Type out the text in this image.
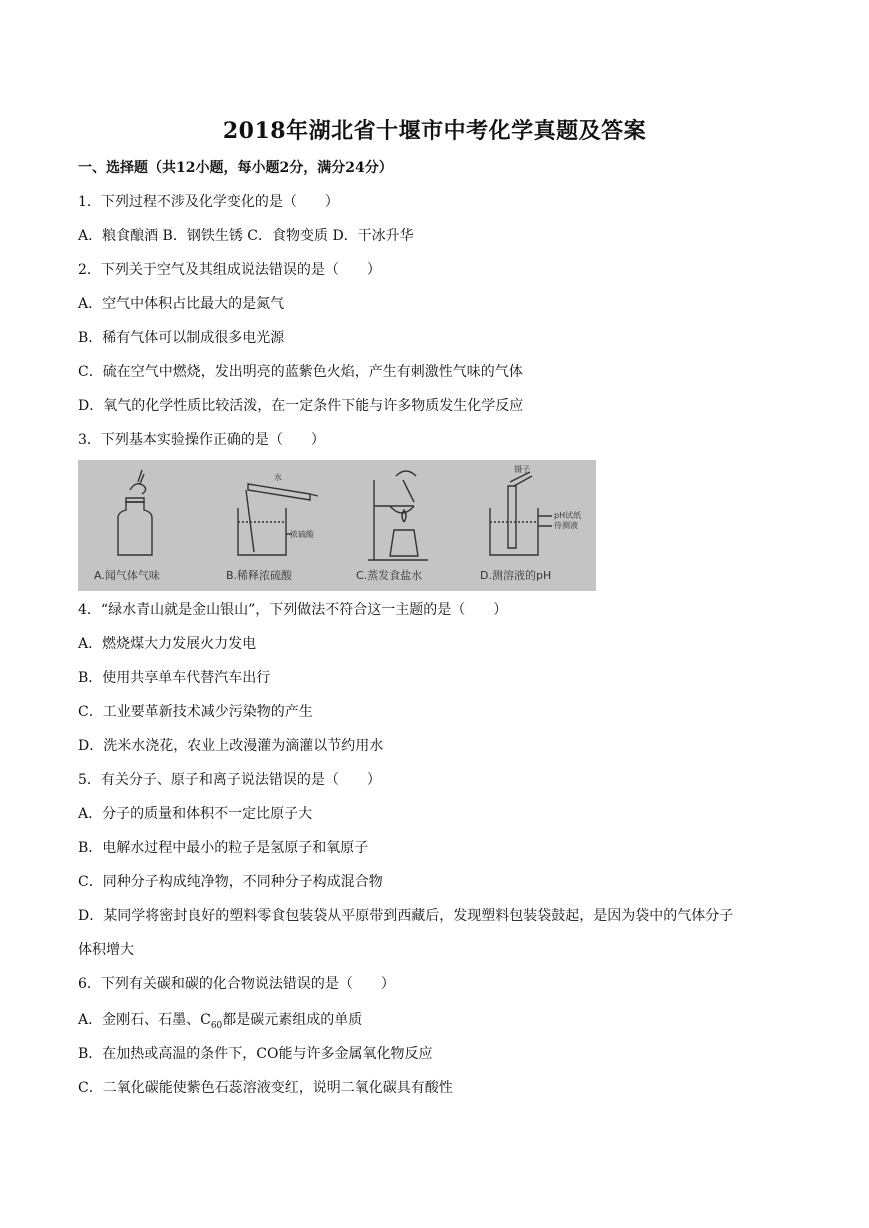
2018年湖北省十堰市中考化学真题及答案
一、选择题（共12小题，每小题2分，满分24分）
1．下列过程不涉及化学变化的是（　　）
A．粮食酿酒 B．钢铁生锈 C．食物变质 D．干冰升华
2．下列关于空气及其组成说法错误的是（　　）
A．空气中体积占比最大的是氮气
B．稀有气体可以制成很多电光源
C．硫在空气中燃烧，发出明亮的蓝紫色火焰，产生有刺激性气味的气体
D．氧气的化学性质比较活泼，在一定条件下能与许多物质发生化学反应
3．下列基本实验操作正确的是（　　）
水
浓硫酸
镊子
pH试纸
待测液
A.闻气体气味	B.稀释浓硫酸	C.蒸发食盐水	D.测溶液的pH
4．“绿水青山就是金山银山”，下列做法不符合这一主题的是（　　）
A．燃烧煤大力发展火力发电
B．使用共享单车代替汽车出行
C．工业要革新技术减少污染物的产生
D．洗米水浇花，农业上改漫灌为滴灌以节约用水
5．有关分子、原子和离子说法错误的是（　　）
A．分子的质量和体积不一定比原子大
B．电解水过程中最小的粒子是氢原子和氧原子
C．同种分子构成纯净物，不同种分子构成混合物
D．某同学将密封良好的塑料零食包装袋从平原带到西藏后，发现塑料包装袋鼓起，是因为袋中的气体分子
体积增大
6．下列有关碳和碳的化合物说法错误的是（　　）
A．金刚石、石墨、$C_{60}$都是碳元素组成的单质
B．在加热或高温的条件下，CO能与许多金属氧化物反应
C．二氧化碳能使紫色石蕊溶液变红，说明二氧化碳具有酸性
